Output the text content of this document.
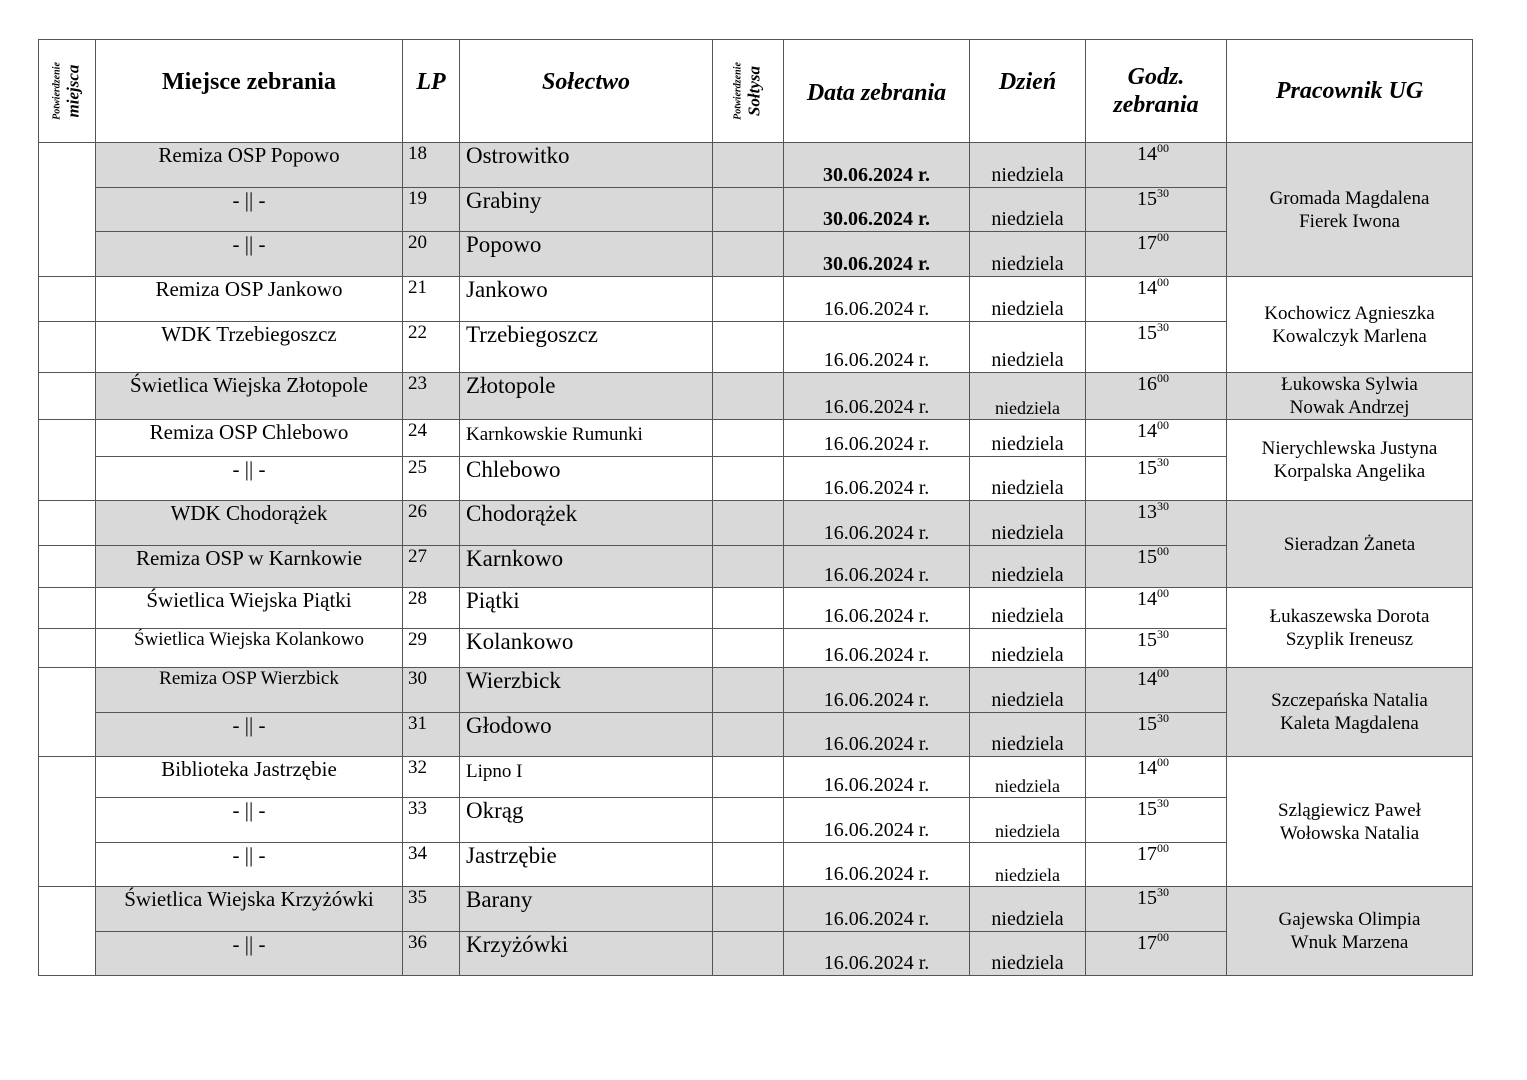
Potwierdzenie miejsca	Miejsce zebrania	LP	Sołectwo	Potwierdzenie Sołtysa	Data zebrania	Dzień	Godz.
zebrania	Pracownik UG
	Remiza OSP Popowo	18	Ostrowitko		30.06.2024 r.	niedziela	$14^{00}$	Gromada Magdalena
Fierek Iwona

	- || -	19	Grabiny		30.06.2024 r.	niedziela	$15^{30}$
	- || -	20	Popowo		30.06.2024 r.	niedziela	$17^{00}$
	Remiza OSP Jankowo	21	Jankowo		16.06.2024 r.	niedziela	$14^{00}$	Kochowicz Agnieszka
Kowalczyk Marlena

	WDK Trzebiegoszcz	22	Trzebiegoszcz		16.06.2024 r.	niedziela	$15^{30}$
	Świetlica Wiejska Złotopole	23	Złotopole		16.06.2024 r.	niedziela	$16^{00}$	Łukowska Sylwia
Nowak Andrzej

	Remiza OSP Chlebowo	24	Karnkowskie Rumunki		16.06.2024 r.	niedziela	$14^{00}$	Nierychlewska Justyna
Korpalska Angelika

	- || -	25	Chlebowo		16.06.2024 r.	niedziela	$15^{30}$
	WDK Chodorążek	26	Chodorążek		16.06.2024 r.	niedziela	$13^{30}$	Sieradzan Żaneta

	Remiza OSP w Karnkowie	27	Karnkowo		16.06.2024 r.	niedziela	$15^{00}$
	Świetlica Wiejska Piątki	28	Piątki		16.06.2024 r.	niedziela	$14^{00}$	Łukaszewska Dorota
Szyplik Ireneusz

	Świetlica Wiejska Kolankowo	29	Kolankowo		16.06.2024 r.	niedziela	$15^{30}$
	Remiza OSP Wierzbick	30	Wierzbick		16.06.2024 r.	niedziela	$14^{00}$	Szczepańska Natalia
Kaleta Magdalena

	- || -	31	Głodowo		16.06.2024 r.	niedziela	$15^{30}$
	Biblioteka Jastrzębie	32	Lipno I		16.06.2024 r.	niedziela	$14^{00}$	Szlągiewicz Paweł
Wołowska Natalia

	- || -	33	Okrąg		16.06.2024 r.	niedziela	$15^{30}$
	- || -	34	Jastrzębie		16.06.2024 r.	niedziela	$17^{00}$
	Świetlica Wiejska Krzyżówki	35	Barany		16.06.2024 r.	niedziela	$15^{30}$	Gajewska Olimpia
Wnuk Marzena

	- || -	36	Krzyżówki		16.06.2024 r.	niedziela	$17^{00}$
